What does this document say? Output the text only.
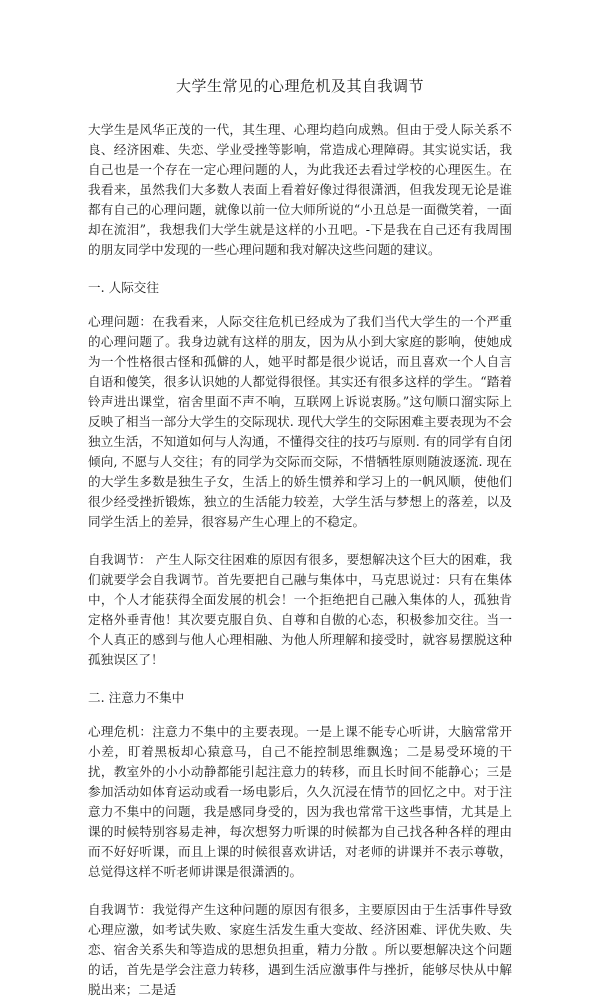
大学生常见的心理危机及其自我调节

大学生是风华正茂的一代，其生理、心理均趋向成熟。但由于受人际关系不良、经济困难、失恋、学业受挫等影响，常造成心理障碍。其实说实话，我自己也是一个存在一定心理问题的人，为此我还去看过学校的心理医生。在我看来，虽然我们大多数人表面上看着好像过得很潇洒，但我发现无论是谁都有自己的心理问题，就像以前一位大师所说的“小丑总是一面微笑着，一面却在流泪”，我想我们大学生就是这样的小丑吧。-下是我在自己还有我周围的朋友同学中发现的一些心理问题和我对解决这些问题的建议。

一. 人际交往

心理问题：在我看来，人际交往危机已经成为了我们当代大学生的一个严重的心理问题了。我身边就有这样的朋友，因为从小到大家庭的影响，使她成为一个性格很古怪和孤僻的人，她平时都是很少说话，而且喜欢一个人自言自语和傻笑，很多认识她的人都觉得很怪。其实还有很多这样的学生。“踏着铃声进出课堂，宿舍里面不声不响，互联网上诉说衷肠。”这句顺口溜实际上反映了相当一部分大学生的交际现状. 现代大学生的交际困难主要表现为不会独立生活，不知道如何与人沟通，不懂得交往的技巧与原则. 有的同学有自闭倾向, 不愿与人交往；有的同学为交际而交际，不惜牺牲原则随波逐流. 现在的大学生多数是独生子女，生活上的娇生惯养和学习上的一帆风顺，使他们很少经受挫折锻炼，独立的生活能力较差，大学生活与梦想上的落差，以及同学生活上的差异，很容易产生心理上的不稳定。

自我调节： 产生人际交往困难的原因有很多，要想解决这个巨大的困难，我们就要学会自我调节。首先要把自己融与集体中，马克思说过：只有在集体中，个人才能获得全面发展的机会！一个拒绝把自己融入集体的人，孤独肯定格外垂青他！其次要克服自负、自尊和自傲的心态，积极参加交往。当一个人真正的感到与他人心理相融、为他人所理解和接受时，就容易摆脱这种孤独误区了！

二. 注意力不集中

心理危机：注意力不集中的主要表现。一是上课不能专心听讲，大脑常常开小差，盯着黑板却心猿意马，自己不能控制思维飘逸；二是易受环境的干扰，教室外的小小动静都能引起注意力的转移，而且长时间不能静心；三是参加活动如体育运动或看一场电影后，久久沉浸在情节的回忆之中。对于注意力不集中的问题，我是感同身受的，因为我也常常干这些事情，尤其是上课的时候特别容易走神，每次想努力听课的时候都为自己找各种各样的理由而不好好听课，而且上课的时候很喜欢讲话，对老师的讲课并不表示尊敬，总觉得这样不听老师讲课是很潇洒的。

自我调节：我觉得产生这种问题的原因有很多，主要原因由于生活事件导致心理应激，如考试失败、家庭生活发生重大变故、经济困难、评优失败、失恋、宿舍关系失和等造成的思想负担重，精力分散 。所以要想解决这个问题的话，首先是学会注意力转移，遇到生活应激事件与挫折，能够尽快从中解脱出来；二是适
